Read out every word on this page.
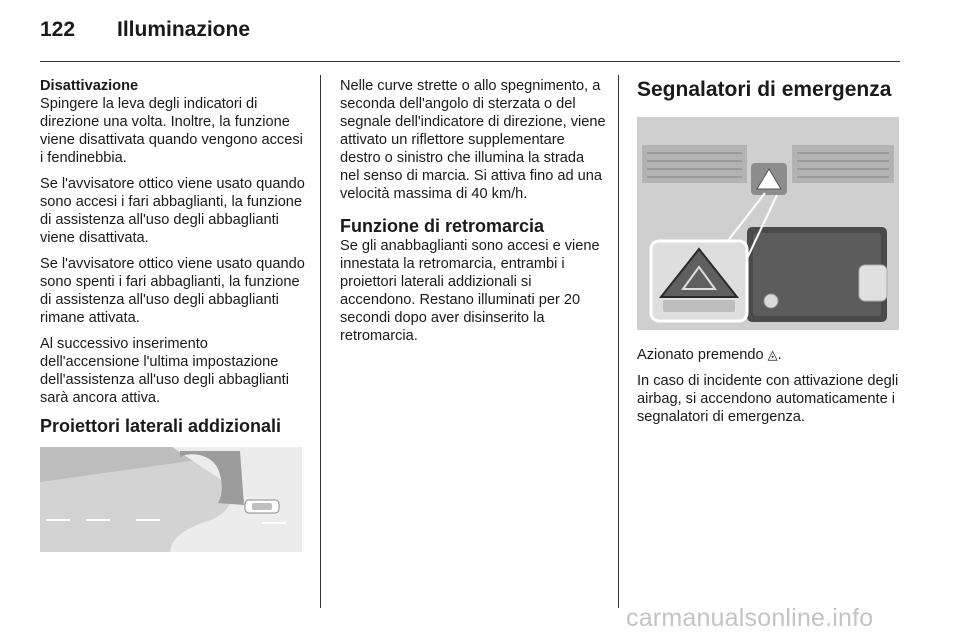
122 Illuminazione
Disattivazione

Spingere la leva degli indicatori di direzione una volta. Inoltre, la funzione viene disattivata quando vengono accesi i fendinebbia.

Se l'avvisatore ottico viene usato quando sono accesi i fari abbaglianti, la funzione di assistenza all'uso degli abbaglianti viene disattivata.

Se l'avvisatore ottico viene usato quando sono spenti i fari abbaglianti, la funzione di assistenza all'uso degli abbaglianti rimane attivata.

Al successivo inserimento dell'accensione l'ultima impostazione dell'assistenza all'uso degli abbaglianti sarà ancora attiva.

Proiettori laterali addizionali

Nelle curve strette o allo spegnimento, a seconda dell'angolo di sterzata o del segnale dell'indicatore di direzione, viene attivato un riflettore supplementare destro o sinistro che illumina la strada nel senso di marcia. Si attiva fino ad una velocità massima di 40 km/h.

Funzione di retromarcia

Se gli anabbaglianti sono accesi e viene innestata la retromarcia, entrambi i proiettori laterali addizionali si accendono. Restano illuminati per 20 secondi dopo aver disinserito la retromarcia.

Segnalatori di emergenza

Azionato premendo ◬.

In caso di incidente con attivazione degli airbag, si accendono automaticamente i segnalatori di emergenza.

carmanualsonline.info
